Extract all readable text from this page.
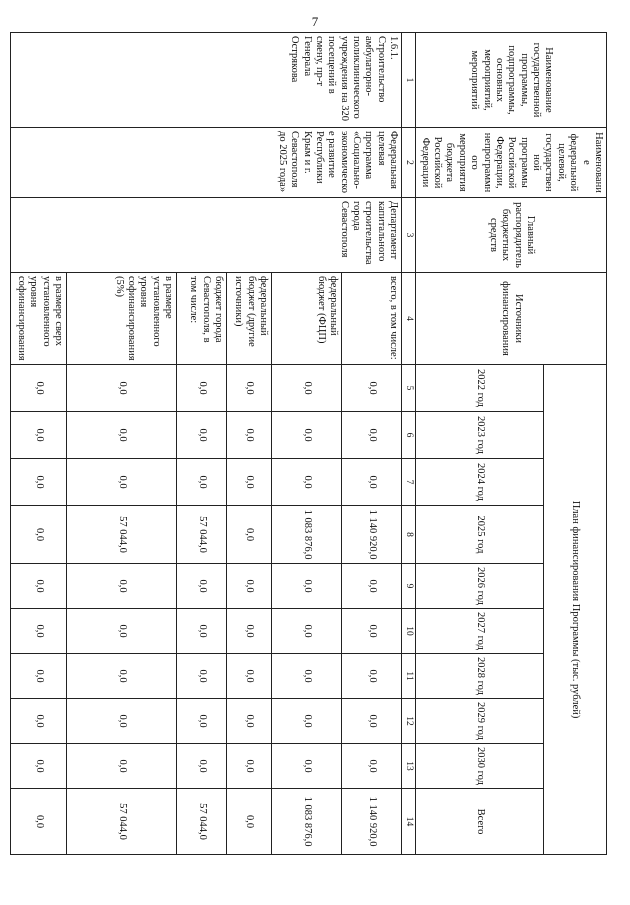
7
Наименование государственной программы, подпрограммы, основных мероприятий, мероприятий	Наименование федеральной целевой, государственной программы Российской Федерации, непрограммного мероприятия бюджета Российской Федерации	Главный распорядитель бюджетных средств	Источники финансирования	План финансирования Программы (тыс. рублей)									
				2022 год	2023 год	2024 год	2025 год	2026 год	2027 год	2028 год	2029 год	2030 год	Всего
1	2	3	4	5	6	7	8	9	10	11	12	13	14
1.6.1. Строительство амбулаторно-поликлинического учреждения на 320 посещений в смену, пр-т Генерала Острякова	Федеральная целевая программа «Социально-экономическое развитие Республики Крым и г. Севастополя до 2025 года»	Департамент капитального строительства города Севастополя	всего, в том числе:	0,0	0,0	0,0	1 140 920,0	0,0	0,0	0,0	0,0	0,0	1 140 920,0
			федеральный бюджет (ФЦП)	0,0	0,0	0,0	1 083 876,0	0,0	0,0	0,0	0,0	0,0	1 083 876,0
			федеральный бюджет (другие источники)	0,0	0,0	0,0	0,0	0,0	0,0	0,0	0,0	0,0	0,0
			бюджет города Севастополя, в том числе:	0,0	0,0	0,0	57 044,0	0,0	0,0	0,0	0,0	0,0	57 044,0
			в размере установленного уровня софинансирования (5%)	0,0	0,0	0,0	57 044,0	0,0	0,0	0,0	0,0	0,0	57 044,0
			в размере сверх установленного уровня софинансирования	0,0	0,0	0,0	0,0	0,0	0,0	0,0	0,0	0,0	0,0
